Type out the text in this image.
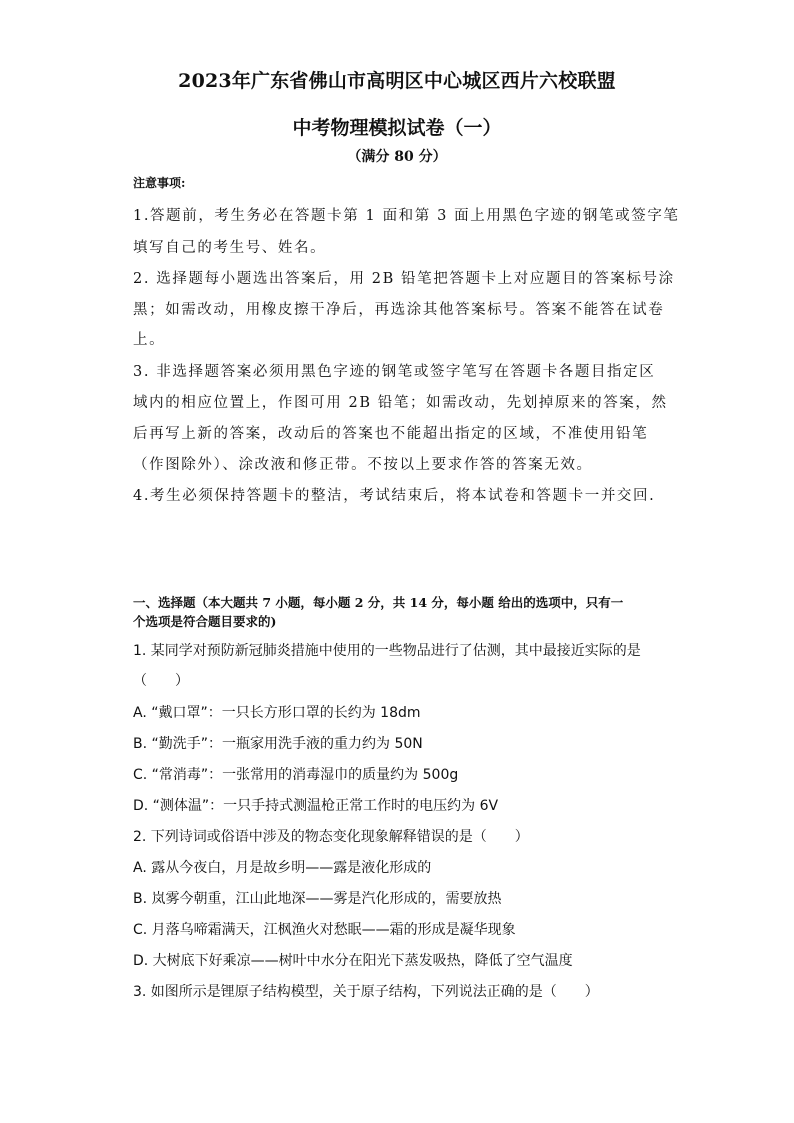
2023年广东省佛山市高明区中心城区西片六校联盟
中考物理模拟试卷（一）
（满分 80 分）
注意事项:
1.答题前，考生务必在答题卡第 1 面和第 3 面上用黑色字迹的钢笔或签字笔
填写自己的考生号、姓名。
2. 选择题每小题选出答案后，用 2B 铅笔把答题卡上对应题目的答案标号涂
黑；如需改动，用橡皮擦干净后，再选涂其他答案标号。答案不能答在试卷
上。
3. 非选择题答案必须用黑色字迹的钢笔或签字笔写在答题卡各题目指定区
域内的相应位置上，作图可用 2B 铅笔；如需改动，先划掉原来的答案，然
后再写上新的答案，改动后的答案也不能超出指定的区域，不准使用铅笔
（作图除外）、涂改液和修正带。不按以上要求作答的答案无效。
4.考生必须保持答题卡的整洁，考试结束后，将本试卷和答题卡一并交回.
一、选择题（本大题共 7 小题，每小题 2 分，共 14 分，每小题 给出的选项中，只有一
个选项是符合题目要求的)
1. 某同学对预防新冠肺炎措施中使用的一些物品进行了估测，其中最接近实际的是
（　　）
A. “戴口罩”：一只长方形口罩的长约为 18dm
B. “勤洗手”：一瓶家用洗手液的重力约为 50N
C. “常消毒”：一张常用的消毒湿巾的质量约为 500g
D. “测体温”：一只手持式测温枪正常工作时的电压约为 6V
2. 下列诗词或俗语中涉及的物态变化现象解释错误的是（　　）
A. 露从今夜白，月是故乡明——露是液化形成的
B. 岚雾今朝重，江山此地深——雾是汽化形成的，需要放热
C. 月落乌啼霜满天，江枫渔火对愁眠——霜的形成是凝华现象
D. 大树底下好乘凉——树叶中水分在阳光下蒸发吸热，降低了空气温度
3. 如图所示是锂原子结构模型，关于原子结构，下列说法正确的是（　　）
